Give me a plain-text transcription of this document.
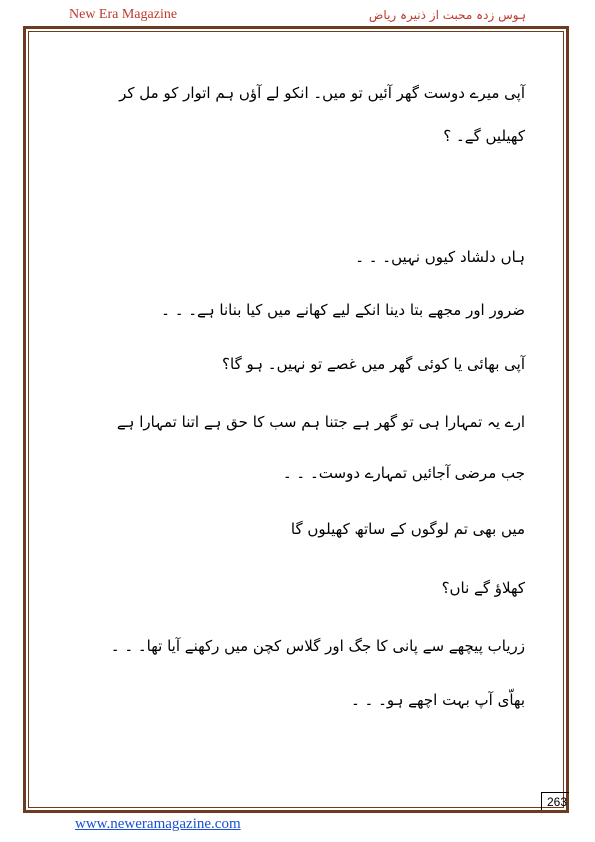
New Era Magazine	ہوس زدہ محبت از ذنیرہ ریاض
آپی میرے دوست گھر آئیں تو میں۔ انکو لے آؤں ہم اتوار کو مل کر
کھیلیں گے۔ ؟
ہاں دلشاد کیوں نہیں۔ ۔ ۔
ضرور اور مجھے بتا دینا انکے لیے کھانے میں کیا بنانا ہے۔ ۔ ۔
آپی بھائی یا کوئی گھر میں غصے تو نہیں۔ ہو گا؟
ارے یہ تمہارا ہی تو گھر ہے جتنا ہم سب کا حق ہے اتنا تمہارا ہے
جب مرضی آجائیں تمہارے دوست۔ ۔ ۔
میں بھی تم لوگوں کے ساتھ کھیلوں گا
کھلاؤ گے ناں؟
زریاب پیچھے سے پانی کا جگ اور گلاس کچن میں رکھنے آیا تھا۔ ۔ ۔
بھاّی آپ بہت اچھے ہو۔ ۔ ۔
263
www.neweramagazine.com
